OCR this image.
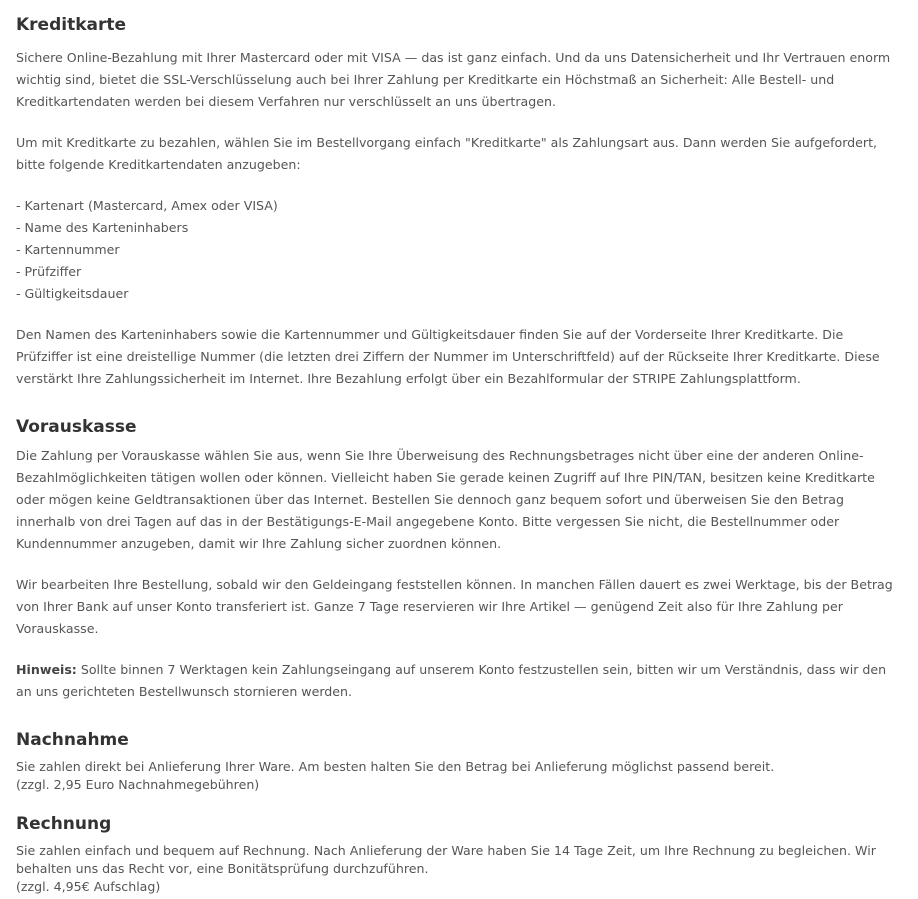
Kreditkarte

Sichere Online-Bezahlung mit Ihrer Mastercard oder mit VISA — das ist ganz einfach. Und da uns Datensicherheit und Ihr Vertrauen enorm wichtig sind, bietet die SSL-Verschlüsselung auch bei Ihrer Zahlung per Kreditkarte ein Höchstmaß an Sicherheit: Alle Bestell- und Kreditkartendaten werden bei diesem Verfahren nur verschlüsselt an uns übertragen.

Um mit Kreditkarte zu bezahlen, wählen Sie im Bestellvorgang einfach "Kreditkarte" als Zahlungsart aus. Dann werden Sie aufgefordert, bitte folgende Kreditkartendaten anzugeben:

- Kartenart (Mastercard, Amex oder VISA)

- Name des Karteninhabers

- Kartennummer

- Prüfziffer

- Gültigkeitsdauer

Den Namen des Karteninhabers sowie die Kartennummer und Gültigkeitsdauer finden Sie auf der Vorderseite Ihrer Kreditkarte. Die Prüfziffer ist eine dreistellige Nummer (die letzten drei Ziffern der Nummer im Unterschriftfeld) auf der Rückseite Ihrer Kreditkarte. Diese verstärkt Ihre Zahlungssicherheit im Internet. Ihre Bezahlung erfolgt über ein Bezahlformular der STRIPE Zahlungsplattform.

Vorauskasse

Die Zahlung per Vorauskasse wählen Sie aus, wenn Sie Ihre Überweisung des Rechnungsbetrages nicht über eine der anderen Online-Bezahlmöglichkeiten tätigen wollen oder können. Vielleicht haben Sie gerade keinen Zugriff auf Ihre PIN/TAN, besitzen keine Kreditkarte oder mögen keine Geldtransaktionen über das Internet. Bestellen Sie dennoch ganz bequem sofort und überweisen Sie den Betrag innerhalb von drei Tagen auf das in der Bestätigungs-E-Mail angegebene Konto. Bitte vergessen Sie nicht, die Bestellnummer oder Kundennummer anzugeben, damit wir Ihre Zahlung sicher zuordnen können.

Wir bearbeiten Ihre Bestellung, sobald wir den Geldeingang feststellen können. In manchen Fällen dauert es zwei Werktage, bis der Betrag von Ihrer Bank auf unser Konto transferiert ist. Ganze 7 Tage reservieren wir Ihre Artikel — genügend Zeit also für Ihre Zahlung per Vorauskasse.

Hinweis: Sollte binnen 7 Werktagen kein Zahlungseingang auf unserem Konto festzustellen sein, bitten wir um Verständnis, dass wir den an uns gerichteten Bestellwunsch stornieren werden.

Nachnahme

Sie zahlen direkt bei Anlieferung Ihrer Ware. Am besten halten Sie den Betrag bei Anlieferung möglichst passend bereit.

(zzgl. 2,95 Euro Nachnahmegebühren)

Rechnung

Sie zahlen einfach und bequem auf Rechnung. Nach Anlieferung der Ware haben Sie 14 Tage Zeit, um Ihre Rechnung zu begleichen. Wir behalten uns das Recht vor, eine Bonitätsprüfung durchzuführen.

(zzgl. 4,95€ Aufschlag)
